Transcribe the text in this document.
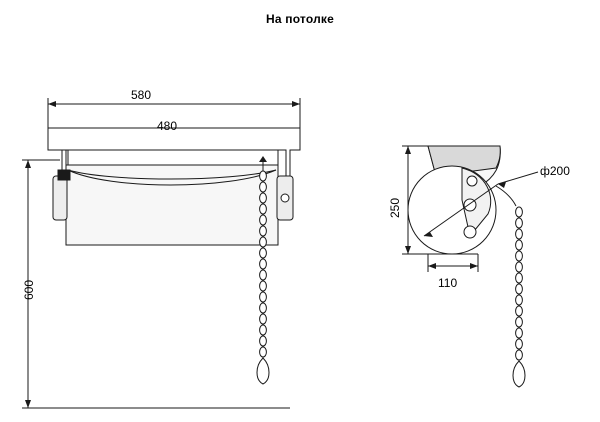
На потолке
580
480
600
250
110
ф200
